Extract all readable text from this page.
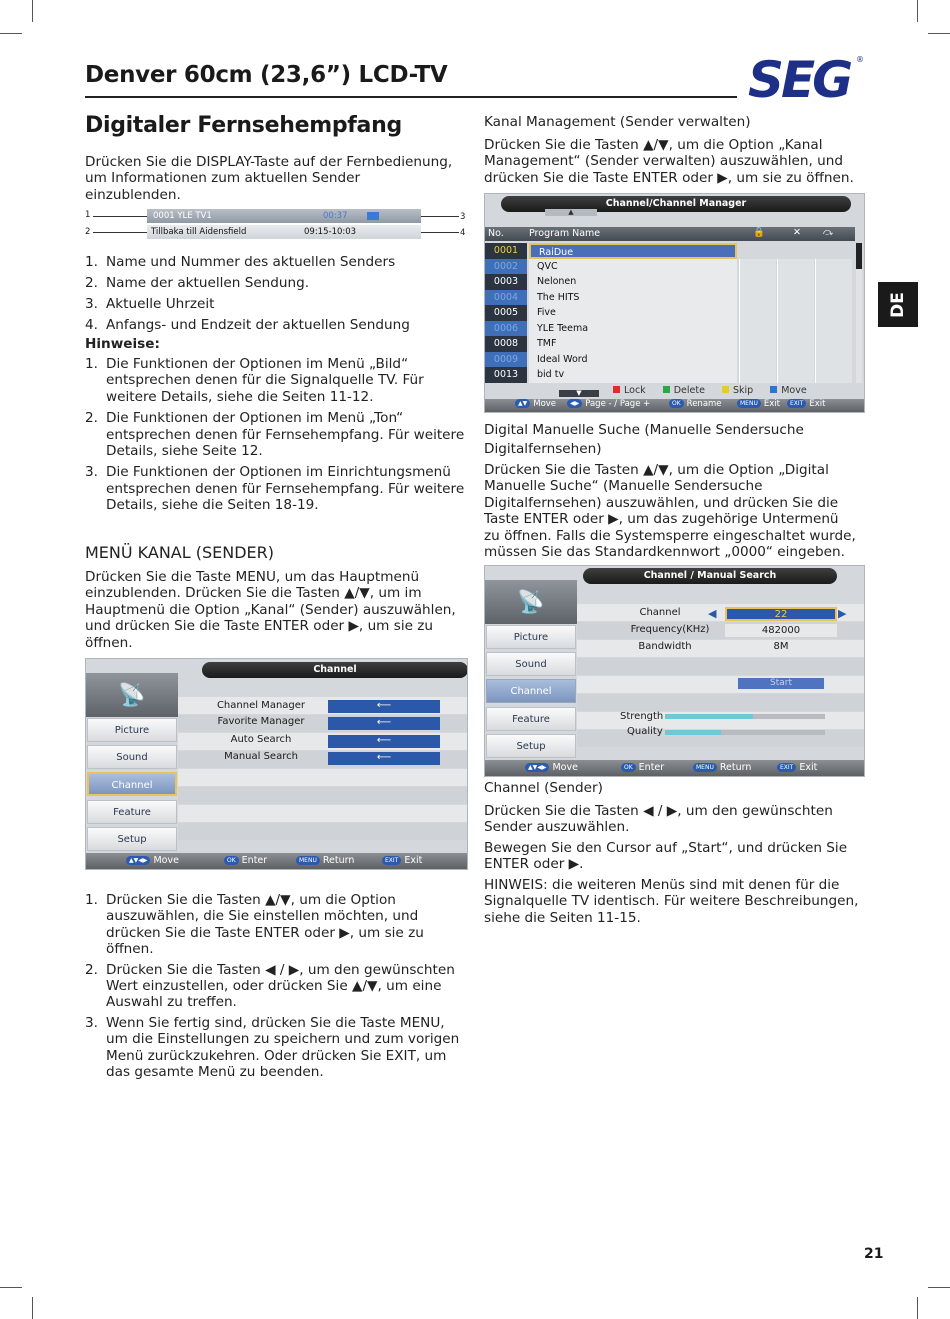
Denver 60cm (23,6”) LCD-TV	SEG ®
DE
Digitaler Fernsehempfang
Drücken Sie die DISPLAY-Taste auf der Fernbedienung, um Informationen zum aktuellen Sender einzublenden.
1
2
3
4
0001 YLE TV1	00:37
Tillbaka till Aidensfield	09:15-10:03
1. Name und Nummer des aktuellen Senders
2. Name der aktuellen Sendung.
3. Aktuelle Uhrzeit
4. Anfangs- und Endzeit der aktuellen Sendung
Hinweise:
1. Die Funktionen der Optionen im Menü „Bild“ entsprechen denen für die Signalquelle TV. Für weitere Details, siehe die Seiten 11-12.
2. Die Funktionen der Optionen im Menü „Ton“ entsprechen denen für Fernsehempfang. Für weitere Details, siehe Seite 12.
3. Die Funktionen der Optionen im Einrichtungsmenü entsprechen denen für Fernsehempfang. Für weitere Details, siehe die Seiten 18-19.
MENÜ KANAL (SENDER)
Drücken Sie die Taste MENU, um das Hauptmenü einzublenden. Drücken Sie die Tasten ▲/▼, um im Hauptmenü die Option „Kanal“ (Sender) auszuwählen, und drücken Sie die Taste ENTER oder ▶, um sie zu öffnen.
📡
Channel
Picture
Sound
Channel
Feature
Setup
Channel Manager
Favorite Manager
Auto Search
Manual Search
⟵
⟵
⟵
⟵
▲▼◀▶ Move	OK Enter	MENU Return	EXIT Exit
1. Drücken Sie die Tasten ▲/▼, um die Option auszuwählen, die Sie einstellen möchten, und drücken Sie die Taste ENTER oder ▶, um sie zu öffnen.
2. Drücken Sie die Tasten ◀ / ▶, um den gewünschten Wert einzustellen, oder drücken Sie ▲/▼, um eine Auswahl zu treffen.
3. Wenn Sie fertig sind, drücken Sie die Taste MENU, um die Einstellungen zu speichern und zum vorigen Menü zurückzukehren. Oder drücken Sie EXIT, um das gesamte Menü zu beenden.
Kanal Management (Sender verwalten)
Drücken Sie die Tasten ▲/▼, um die Option „Kanal Management“ (Sender verwalten) auszuwählen, und drücken Sie die Taste ENTER oder ▶, um sie zu öffnen.
Channel/Channel Manager
▲
No.	Program Name	🔒	✕ ⤼
0001	RaiDue
0002	QVC
0003	Nelonen
0004	The HITS
0005	Five
0006	YLE Teema
0008	TMF
0009	Ideal Word
0013	bid tv
▼	Lock	Delete	Skip	Move
▲▼ Move	◀▶ Page - / Page +	OK Rename	MENU Exit	EXIT Exit
Digital Manuelle Suche (Manuelle Sendersuche Digitalfernsehen)
Drücken Sie die Tasten ▲/▼, um die Option „Digital Manuelle Suche“ (Manuelle Sendersuche Digitalfernsehen) auszuwählen, und drücken Sie die Taste ENTER oder ▶, um das zugehörige Untermenü zu öffnen. Falls die Systemsperre eingeschaltet wurde, müssen Sie das Standardkennwort „0000“ eingeben.
📡
Channel / Manual Search
Picture
Sound
Channel
Feature
Setup
Channel	◀	22	▶
Frequency(KHz)	482000
Bandwidth	8M
Start
Strength
Quality
▲▼◀▶ Move	OK Enter	MENU Return	EXIT Exit
Channel (Sender)
Drücken Sie die Tasten ◀ / ▶, um den gewünschten Sender auszuwählen.
Bewegen Sie den Cursor auf „Start“, und drücken Sie ENTER oder ▶.
HINWEIS: die weiteren Menüs sind mit denen für die Signalquelle TV identisch. Für weitere Beschreibungen, siehe die Seiten 11-15.
21
